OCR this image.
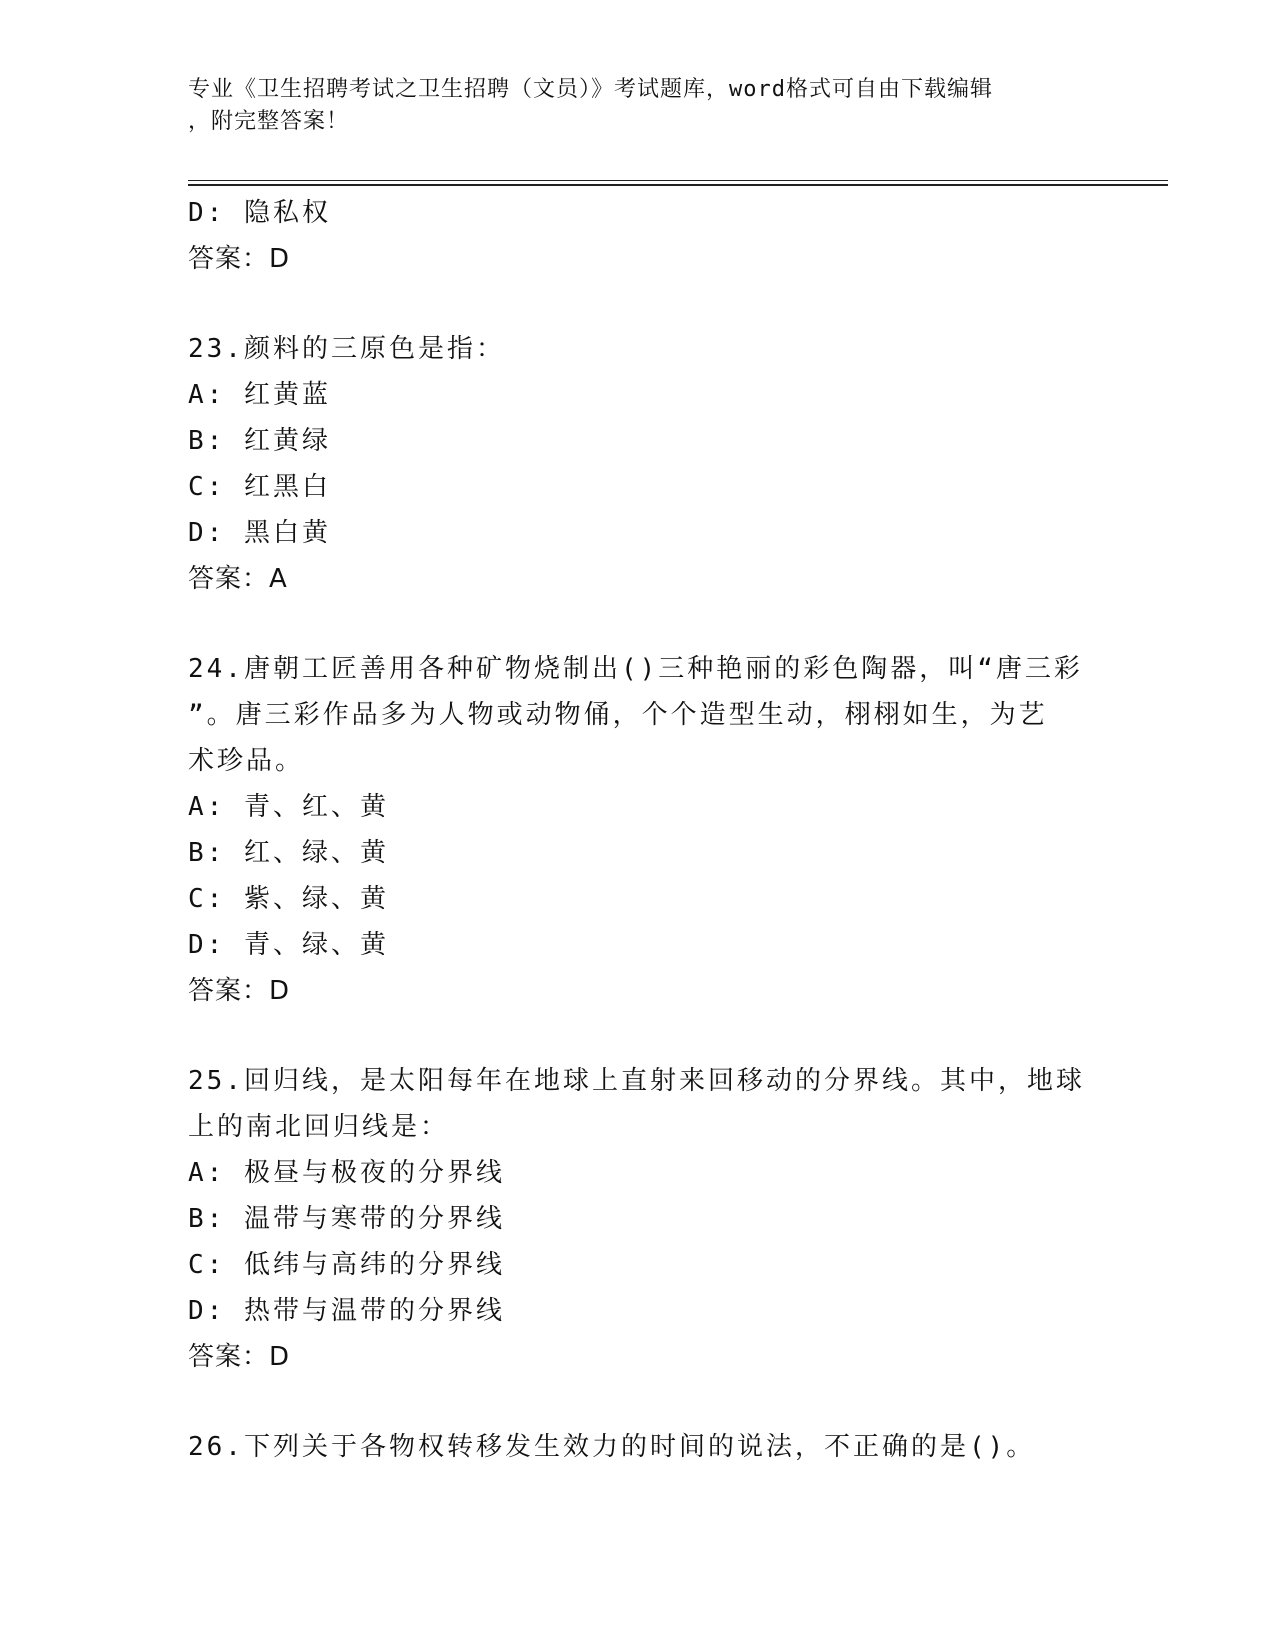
专业《卫生招聘考试之卫生招聘（文员）》考试题库，word格式可自由下载编辑
，附完整答案！
D: 隐私权
答案：D
23.颜料的三原色是指：
A: 红黄蓝
B: 红黄绿
C: 红黑白
D: 黑白黄
答案：A
24.唐朝工匠善用各种矿物烧制出()三种艳丽的彩色陶器，叫“唐三彩
”。唐三彩作品多为人物或动物俑，个个造型生动，栩栩如生，为艺
术珍品。
A: 青、红、黄
B: 红、绿、黄
C: 紫、绿、黄
D: 青、绿、黄
答案：D
25.回归线，是太阳每年在地球上直射来回移动的分界线。其中，地球
上的南北回归线是：
A: 极昼与极夜的分界线
B: 温带与寒带的分界线
C: 低纬与高纬的分界线
D: 热带与温带的分界线
答案：D
26.下列关于各物权转移发生效力的时间的说法，不正确的是()。
